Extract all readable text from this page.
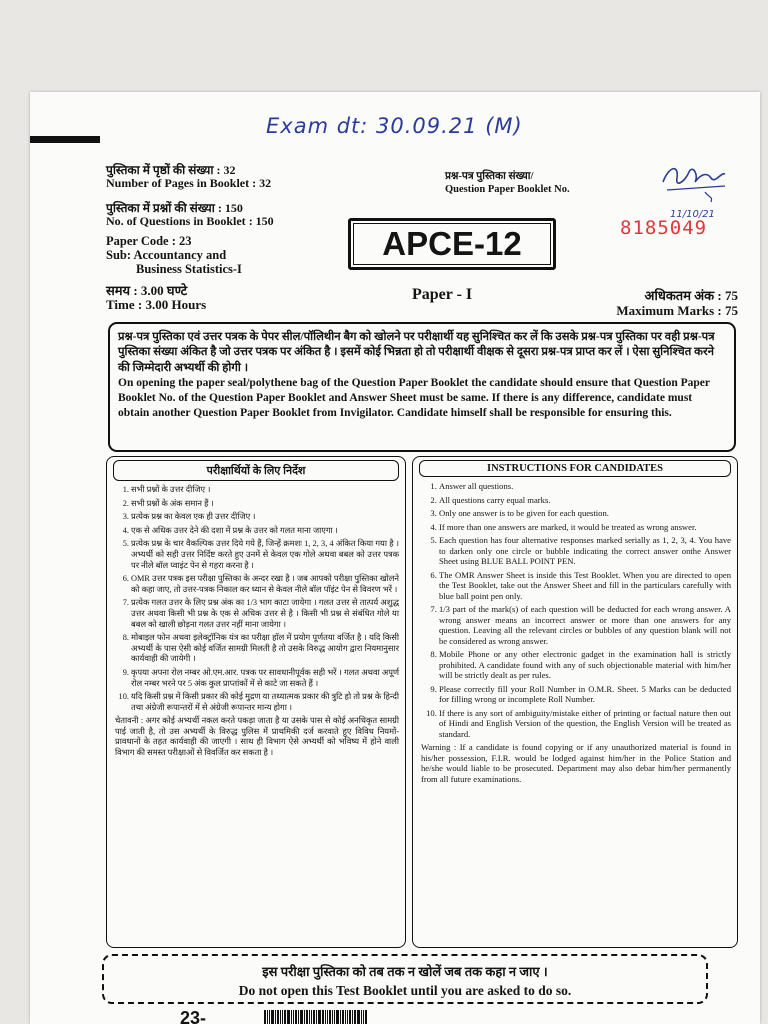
Exam dt: 30.09.21 (M)
11/10/21
पुस्तिका में पृष्ठों की संख्या : 32
Number of Pages in Booklet : 32
पुस्तिका में प्रश्नों की संख्या : 150
No. of Questions in Booklet : 150
Paper Code : 23
Sub: Accountancy and
Business Statistics-I
प्रश्न-पत्र पुस्तिका संख्या/
Question Paper Booklet No.
8185049
APCE-12
समय : 3.00 घण्टे
Time : 3.00 Hours
Paper - I	अधिकतम अंक : 75
Maximum Marks : 75
प्रश्न-पत्र पुस्तिका एवं उत्तर पत्रक के पेपर सील/पॉलिथीन बैग को खोलने पर परीक्षार्थी यह सुनिश्चित कर लें कि उसके प्रश्न-पत्र पुस्तिका पर वही प्रश्न-पत्र पुस्तिका संख्या अंकित है जो उत्तर पत्रक पर अंकित है । इसमें कोई भिन्नता हो तो परीक्षार्थी वीक्षक से दूसरा प्रश्न-पत्र प्राप्त कर लें । ऐसा सुनिश्चित करने की जिम्मेदारी अभ्यर्थी की होगी ।
On opening the paper seal/polythene bag of the Question Paper Booklet the candidate should ensure that Question Paper Booklet No. of the Question Paper Booklet and Answer Sheet must be same. If there is any difference, candidate must obtain another Question Paper Booklet from Invigilator. Candidate himself shall be responsible for ensuring this.
परीक्षार्थियों के लिए निर्देश
1. सभी प्रश्नों के उत्तर दीजिए ।
2. सभी प्रश्नों के अंक समान हैं ।
3. प्रत्येक प्रश्न का केवल एक ही उत्तर दीजिए ।
4. एक से अधिक उत्तर देने की दशा में प्रश्न के उत्तर को गलत माना जाएगा ।
5. प्रत्येक प्रश्न के चार वैकल्पिक उत्तर दिये गये हैं, जिन्हें क्रमशः 1, 2, 3, 4 अंकित किया गया है । अभ्यर्थी को सही उत्तर निर्दिष्ट करते हुए उनमें से केवल एक गोले अथवा बबल को उत्तर पत्रक पर नीले बॉल प्वाइंट पेन से गहरा करना है ।
6. OMR उत्तर पत्रक इस परीक्षा पुस्तिका के अन्दर रखा है । जब आपको परीक्षा पुस्तिका खोलने को कहा जाए, तो उत्तर-पत्रक निकाल कर ध्यान से केवल नीले बॉल पॉइंट पेन से विवरण भरें ।
7. प्रत्येक गलत उत्तर के लिए प्रश्न अंक का 1/3 भाग काटा जायेगा । गलत उत्तर से तात्पर्य अशुद्ध उत्तर अथवा किसी भी प्रश्न के एक से अधिक उत्तर से है । किसी भी प्रश्न से संबंधित गोले या बबल को खाली छोड़ना गलत उत्तर नहीं माना जायेगा ।
8. मोबाइल फोन अथवा इलेक्ट्रॉनिक यंत्र का परीक्षा हॉल में प्रयोग पूर्णतया वर्जित है । यदि किसी अभ्यर्थी के पास ऐसी कोई वर्जित सामग्री मिलती है तो उसके विरुद्ध आयोग द्वारा नियमानुसार कार्यवाही की जायेगी ।
9. कृपया अपना रोल नम्बर ओ.एम.आर. पत्रक पर सावधानीपूर्वक सही भरें । गलत अथवा अपूर्ण रोल नम्बर भरने पर 5 अंक कुल प्राप्तांकों में से काटे जा सकते हैं ।
10. यदि किसी प्रश्न में किसी प्रकार की कोई मुद्रण या तथ्यात्मक प्रकार की त्रुटि हो तो प्रश्न के हिन्दी तथा अंग्रेजी रूपान्तरों में से अंग्रेजी रूपान्तर मान्य होगा ।
चेतावनी : अगर कोई अभ्यर्थी नकल करते पकड़ा जाता है या उसके पास से कोई अनधिकृत सामग्री पाई जाती है, तो उस अभ्यर्थी के विरुद्ध पुलिस में प्राथमिकी दर्ज करवाते हुए विविध नियमों-प्रावधानों के तहत कार्यवाही की जाएगी । साथ ही विभाग ऐसे अभ्यर्थी को भविष्य में होने वाली विभाग की समस्त परीक्षाओं से विवर्जित कर सकता है ।
INSTRUCTIONS FOR CANDIDATES
1. Answer all questions.
2. All questions carry equal marks.
3. Only one answer is to be given for each question.
4. If more than one answers are marked, it would be treated as wrong answer.
5. Each question has four alternative responses marked serially as 1, 2, 3, 4. You have to darken only one circle or bubble indicating the correct answer onthe Answer Sheet using BLUE BALL POINT PEN.
6. The OMR Answer Sheet is inside this Test Booklet. When you are directed to open the Test Booklet, take out the Answer Sheet and fill in the particulars carefully with blue ball point pen only.
7. 1/3 part of the mark(s) of each question will be deducted for each wrong answer. A wrong answer means an incorrect answer or more than one answers for any question. Leaving all the relevant circles or bubbles of any question blank will not be considered as wrong answer.
8. Mobile Phone or any other electronic gadget in the examination hall is strictly prohibited. A candidate found with any of such objectionable material with him/her will be strictly dealt as per rules.
9. Please correctly fill your Roll Number in O.M.R. Sheet. 5 Marks can be deducted for filling wrong or incomplete Roll Number.
10. If there is any sort of ambiguity/mistake either of printing or factual nature then out of Hindi and English Version of the question, the English Version will be treated as standard.
Warning : If a candidate is found copying or if any unauthorized material is found in his/her possession, F.I.R. would be lodged against him/her in the Police Station and he/she would liable to be prosecuted. Department may also debar him/her permanently from all future examinations.
इस परीक्षा पुस्तिका को तब तक न खोलें जब तक कहा न जाए ।
Do not open this Test Booklet until you are asked to do so.
23-
